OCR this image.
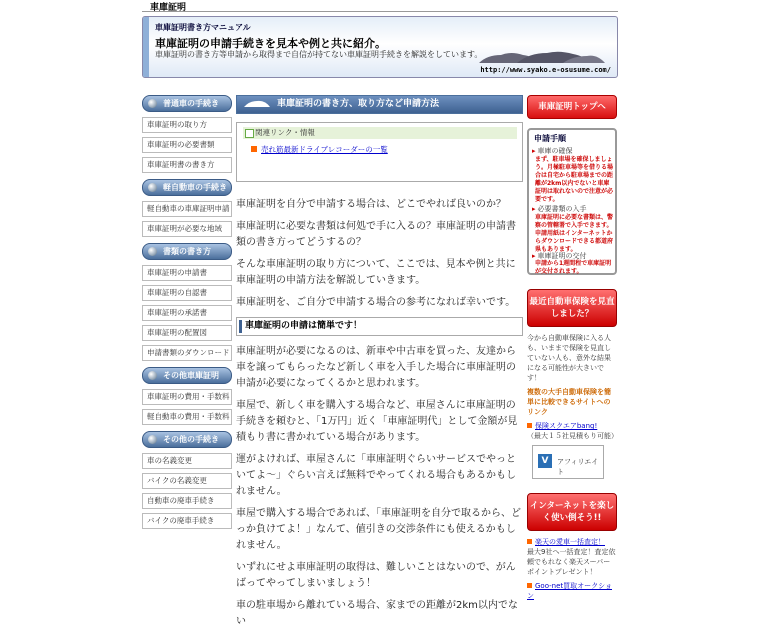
車庫証明
車庫証明書き方マニュアル
車庫証明の申請手続きを見本や例と共に紹介。
車庫証明の書き方等申請から取得まで自信が持てない車庫証明手続きを解説をしています。
http://www.syako.e-osusume.com/
普通車の手続き
車庫証明の取り方
車庫証明の必要書類
車庫証明書の書き方
軽自動車の手続き
軽自動車の車庫証明申請
車庫証明が必要な地域
書類の書き方
車庫証明の申請書
車庫証明の自認書
車庫証明の承諾書
車庫証明の配置図
申請書類のダウンロード
その他車庫証明
車庫証明の費用・手数料
軽自動車の費用・手数料
その他の手続き
車の名義変更
バイクの名義変更
自動車の廃車手続き
バイクの廃車手続き
車庫証明の書き方、取り方など申請方法
関連リンク・情報
売れ筋最新ドライブレコーダーの一覧

車庫証明を自分で申請する場合は、どこでやれば良いのか？

車庫証明に必要な書類は何処で手に入るの？車庫証明の申請書類の書き方ってどうするの？

そんな車庫証明の取り方について、ここでは、見本や例と共に車庫証明の申請方法を解説していきます。

車庫証明を、ご自分で申請する場合の参考になれば幸いです。

車庫証明の申請は簡単です！

車庫証明が必要になるのは、新車や中古車を買った、友達から車を譲ってもらったなど新しく車を入手した場合に車庫証明の申請が必要になってくるかと思われます。

車屋で、新しく車を購入する場合など、車屋さんに車庫証明の手続きを頼むと、「1万円」近く「車庫証明代」として金額が見積もり書に書かれている場合があります。

運がよければ、車屋さんに「車庫証明ぐらいサービスでやっといてよ～」ぐらい言えば無料でやってくれる場合もあるかもしれません。

車屋で購入する場合であれば、「車庫証明を自分で取るから、どっか負けてよ！」なんて、値引きの交渉条件にも使えるかもしれません。

いずれにせよ車庫証明の取得は、難しいことはないので、がんばってやってしまいましょう！

車の駐車場から離れている場合、家までの距離が2km以内でない

車庫証明トップへ
申請手順
▸ 車庫の確保
まず、駐車場を確保しましょう。月極駐車場等を借りる場合は自宅から駐車場までの距離が2km以内でないと車庫証明は取れないので注意が必要です。
▸ 必要書類の入手
車庫証明に必要な書類は、警察の管轄署で入手できます。申請用紙はインターネットからダウンロードできる都道府県もあります。
▸ 車庫証明の交付
申請から1週間程で車庫証明が交付されます。
最近自動車保険を見直しました？
今から自動車保険に入る人も、いままで保険を見直していない人も、意外な結果になる可能性が大きいです！
複数の大手自動車保険を簡単に比較できるサイトへのリンク
保険スクエアbang!
（最大１５社見積もり可能）
V	アフィリエイト
インターネットを楽しく使い倒そう!!
楽天の愛車一括査定！
最大9社へ一括査定！査定依頼でもれなく楽天スーパーポイントプレゼント！
Goo-net買取オークション
